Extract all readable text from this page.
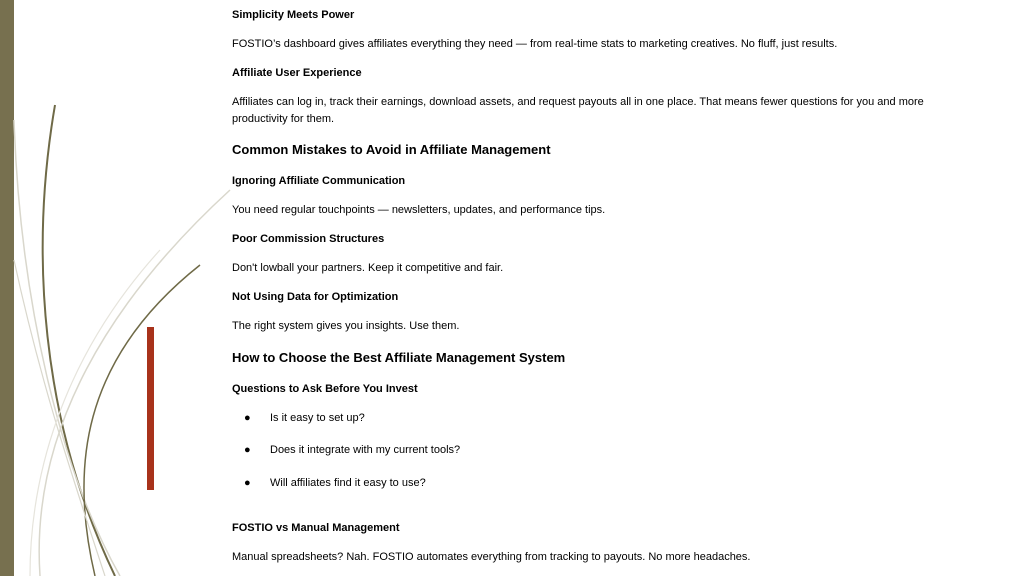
Simplicity Meets Power
FOSTIO’s dashboard gives affiliates everything they need — from real-time stats to marketing creatives. No fluff, just results.
Affiliate User Experience
Affiliates can log in, track their earnings, download assets, and request payouts all in one place. That means fewer questions for you and more productivity for them.
Common Mistakes to Avoid in Affiliate Management
Ignoring Affiliate Communication
You need regular touchpoints — newsletters, updates, and performance tips.
Poor Commission Structures
Don't lowball your partners. Keep it competitive and fair.
Not Using Data for Optimization
The right system gives you insights. Use them.
How to Choose the Best Affiliate Management System
Questions to Ask Before You Invest
● Is it easy to set up?
● Does it integrate with my current tools?
● Will affiliates find it easy to use?
FOSTIO vs Manual Management
Manual spreadsheets? Nah. FOSTIO automates everything from tracking to payouts. No more headaches.
